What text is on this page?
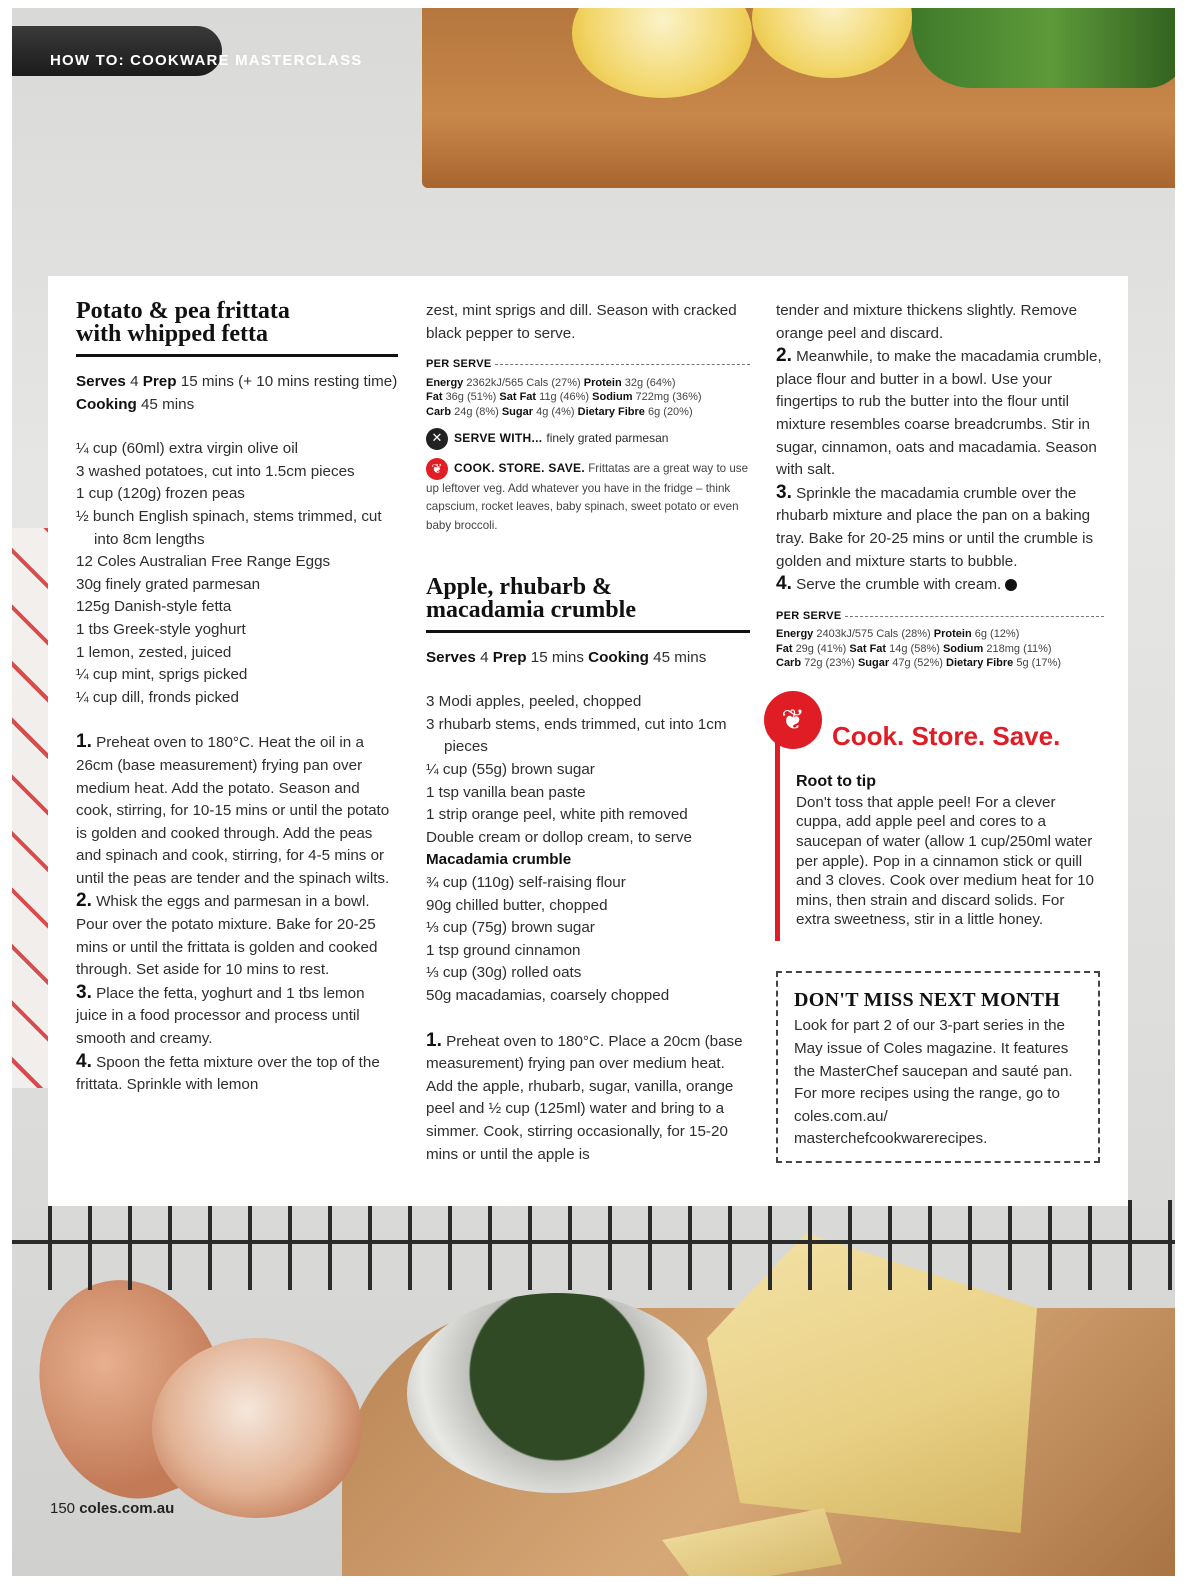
HOW TO: COOKWARE MASTERCLASS
Potato & pea frittata
with whipped fetta
Serves 4 Prep 15 mins (+ 10 mins resting time) Cooking 45 mins
¼ cup (60ml) extra virgin olive oil
3 washed potatoes, cut into 1.5cm pieces
1 cup (120g) frozen peas
½ bunch English spinach, stems trimmed, cut into 8cm lengths
12 Coles Australian Free Range Eggs
30g finely grated parmesan
125g Danish-style fetta
1 tbs Greek-style yoghurt
1 lemon, zested, juiced
¼ cup mint, sprigs picked
¼ cup dill, fronds picked

1. Preheat oven to 180°C. Heat the oil in a 26cm (base measurement) frying pan over medium heat. Add the potato. Season and cook, stirring, for 10-15 mins or until the potato is golden and cooked through. Add the peas and spinach and cook, stirring, for 4-5 mins or until the peas are tender and the spinach wilts.

2. Whisk the eggs and parmesan in a bowl. Pour over the potato mixture. Bake for 20-25 mins or until the frittata is golden and cooked through. Set aside for 10 mins to rest.

3. Place the fetta, yoghurt and 1 tbs lemon juice in a food processor and process until smooth and creamy.

4. Spoon the fetta mixture over the top of the frittata. Sprinkle with lemon

zest, mint sprigs and dill. Season with cracked black pepper to serve.

PER SERVE
Energy 2362kJ/565 Cals (27%) Protein 32g (64%)
Fat 36g (51%) Sat Fat 11g (46%) Sodium 722mg (36%)
Carb 24g (8%) Sugar 4g (4%) Dietary Fibre 6g (20%)
✕ SERVE WITH... finely grated parmesan
❦ COOK. STORE. SAVE. Frittatas are a great way to use up leftover veg. Add whatever you have in the fridge – think capscium, rocket leaves, baby spinach, sweet potato or even baby broccoli.
Apple, rhubarb &
macadamia crumble
Serves 4 Prep 15 mins Cooking 45 mins
3 Modi apples, peeled, chopped
3 rhubarb stems, ends trimmed, cut into 1cm pieces
¼ cup (55g) brown sugar
1 tsp vanilla bean paste
1 strip orange peel, white pith removed
Double cream or dollop cream, to serve
Macadamia crumble
¾ cup (110g) self-raising flour
90g chilled butter, chopped
⅓ cup (75g) brown sugar
1 tsp ground cinnamon
⅓ cup (30g) rolled oats
50g macadamias, coarsely chopped

1. Preheat oven to 180°C. Place a 20cm (base measurement) frying pan over medium heat. Add the apple, rhubarb, sugar, vanilla, orange peel and ½ cup (125ml) water and bring to a simmer. Cook, stirring occasionally, for 15-20 mins or until the apple is

tender and mixture thickens slightly. Remove orange peel and discard.

2. Meanwhile, to make the macadamia crumble, place flour and butter in a bowl. Use your fingertips to rub the butter into the flour until mixture resembles coarse breadcrumbs. Stir in sugar, cinnamon, oats and macadamia. Season with salt.

3. Sprinkle the macadamia crumble over the rhubarb mixture and place the pan on a baking tray. Bake for 20-25 mins or until the crumble is golden and mixture starts to bubble.

4. Serve the crumble with cream.

PER SERVE
Energy 2403kJ/575 Cals (28%) Protein 6g (12%)
Fat 29g (41%) Sat Fat 14g (58%) Sodium 218mg (11%)
Carb 72g (23%) Sugar 47g (52%) Dietary Fibre 5g (17%)
❦
Cook. Store. Save.
Root to tip
Don't toss that apple peel! For a clever cuppa, add apple peel and cores to a saucepan of water (allow 1 cup/250ml water per apple). Pop in a cinnamon stick or quill and 3 cloves. Cook over medium heat for 10 mins, then strain and discard solids. For extra sweetness, stir in a little honey.
DON'T MISS NEXT MONTH
Look for part 2 of our 3-part series in the May issue of Coles magazine. It features the MasterChef saucepan and sauté pan. For more recipes using the range, go to coles.com.au/ masterchefcookwarerecipes.
150 coles.com.au
